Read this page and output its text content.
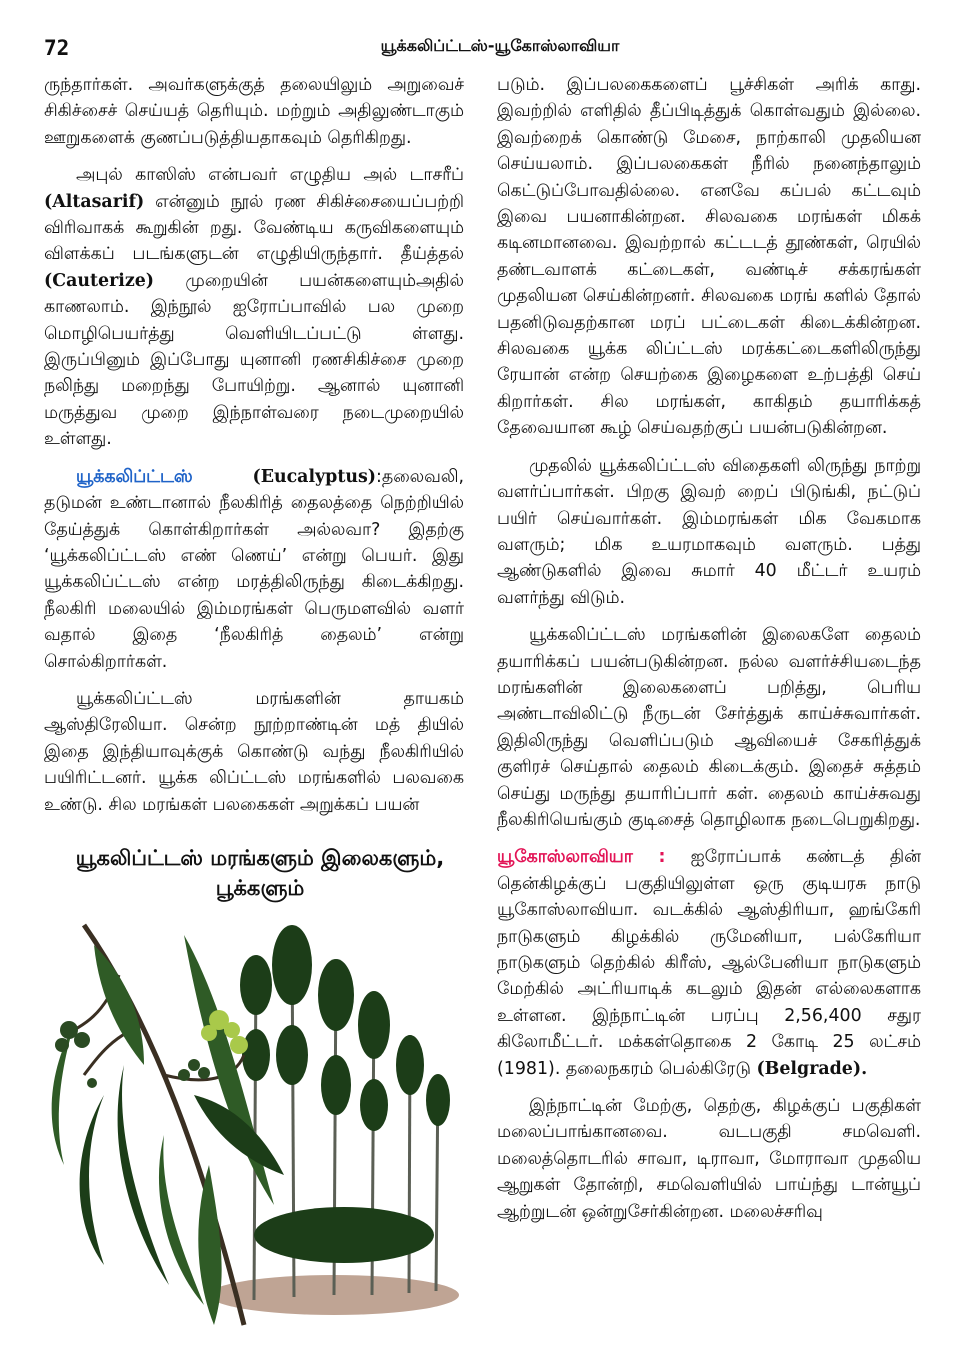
72	யூக்கலிப்ட்டஸ்-யூகோஸ்லாவியா

ருந்தார்கள். அவர்களுக்குத் தலையிலும் அறுவைச் சிகிச்சைச் செய்யத் தெரியும். மற்றும் அதிலுண்டாகும் ஊறுகளைக் குணப்படுத்தியதாகவும் தெரிகிறது.

அபுல் காஸிஸ் என்பவர் எழுதிய அல் டாசரீப் (Altasarif) என்னும் நூல் ரண சிகிச்சையைப்பற்றி விரிவாகக் கூறுகின் றது. வேண்டிய கருவிகளையும் விளக்கப் படங்களுடன் எழுதியிருந்தார். தீய்த்தல் (Cauterize) முறையின் பயன்களையும்அதில் காணலாம். இந்நூல் ஐரோப்பாவில் பல முறை மொழிபெயர்த்து வெளியிடப்பட்டு ள்ளது. இருப்பினும் இப்போது யுனானி ரணசிகிச்சை முறை நலிந்து மறைந்து போயிற்று. ஆனால் யுனானி மருத்துவ முறை இந்நாள்வரை நடைமுறையில் உள்ளது.

யூக்கலிப்ட்டஸ்	(Eucalyptus):தலைவலி, தடுமன் உண்டானால் நீலகிரித் தைலத்தை நெற்றியில் தேய்த்துக் கொள்கிறார்கள் அல்லவா? இதற்கு ‘யூக்கலிப்ட்டஸ் எண் ணெய்’ என்று பெயர். இது யூக்கலிப்ட்டஸ் என்ற மரத்திலிருந்து கிடைக்கிறது. நீலகிரி மலையில் இம்மரங்கள் பெருமளவில் வளர் வதால் இதை ‘நீலகிரித் தைலம்’ என்று சொல்கிறார்கள்.

யூக்கலிப்ட்டஸ் மரங்களின் தாயகம் ஆஸ்திரேலியா. சென்ற நூற்றாண்டின் மத் தியில் இதை இந்தியாவுக்குக் கொண்டு வந்து நீலகிரியில் பயிரிட்டனர். யூக்க லிப்ட்டஸ் மரங்களில் பலவகை உண்டு. சில மரங்கள் பலகைகள் அறுக்கப் பயன்

யூகலிப்ட்டஸ் மரங்களும் இலைகளும்,
பூக்களும்

படும். இப்பலகைகளைப் பூச்சிகள் அரிக் காது. இவற்றில் எளிதில் தீப்பிடித்துக் கொள்வதும் இல்லை. இவற்றைக் கொண்டு மேசை, நாற்காலி முதலியன செய்யலாம். இப்பலகைகள் நீரில் நனைந்தாலும் கெட்டுப்போவதில்லை. எனவே கப்பல் கட்டவும் இவை பயனாகின்றன. சிலவகை மரங்கள் மிகக் கடினமானவை. இவற்றால் கட்டடத் தூண்கள், ரெயில் தண்டவாளக் கட்டைகள், வண்டிச் சக்கரங்கள் முதலியன செய்கின்றனர். சிலவகை மரங் களில் தோல் பதனிடுவதற்கான மரப் பட்டைகள் கிடைக்கின்றன. சிலவகை யூக்க லிப்ட்டஸ் மரக்கட்டைகளிலிருந்து ரேயான் என்ற செயற்கை இழைகளை உற்பத்தி செய் கிறார்கள். சில மரங்கள், காகிதம் தயாரிக்கத் தேவையான கூழ் செய்வதற்குப் பயன்படுகின்றன.

முதலில் யூக்கலிப்ட்டஸ் விதைகளி லிருந்து நாற்று வளர்ப்பார்கள். பிறகு இவற் றைப் பிடுங்கி, நட்டுப் பயிர் செய்வார்கள். இம்மரங்கள் மிக வேகமாக வளரும்; மிக உயரமாகவும் வளரும். பத்து ஆண்டுகளில் இவை சுமார் 40 மீட்டர் உயரம் வளர்ந்து விடும்.

யூக்கலிப்ட்டஸ் மரங்களின் இலைகளே தைலம் தயாரிக்கப் பயன்படுகின்றன. நல்ல வளர்ச்சியடைந்த மரங்களின் இலைகளைப் பறித்து, பெரிய அண்டாவிலிட்டு நீருடன் சேர்த்துக் காய்ச்சுவார்கள். இதிலிருந்து வெளிப்படும் ஆவியைச் சேகரித்துக் குளிரச் செய்தால் தைலம் கிடைக்கும். இதைச் சுத்தம் செய்து மருந்து தயாரிப்பார் கள். தைலம் காய்ச்சுவது நீலகிரியெங்கும் குடிசைத் தொழிலாக நடைபெறுகிறது.

யூகோஸ்லாவியா : ஐரோப்பாக் கண்டத் தின் தென்கிழக்குப் பகுதியிலுள்ள ஒரு குடியரசு நாடு யூகோஸ்லாவியா. வடக்கில் ஆஸ்திரியா, ஹங்கேரி நாடுகளும் கிழக்கில் ருமேனியா, பல்கேரியா நாடுகளும் தெற்கில் கிரீஸ், ஆல்பேனியா நாடுகளும் மேற்கில் அட்ரியாடிக் கடலும் இதன் எல்லைகளாக உள்ளன. இந்நாட்டின் பரப்பு 2,56,400 சதுர கிலோமீட்டர். மக்கள்தொகை 2 கோடி 25 லட்சம் (1981). தலைநகரம் பெல்கிரேடு (Belgrade).

இந்நாட்டின் மேற்கு, தெற்கு, கிழக்குப் பகுதிகள் மலைப்பாங்கானவை. வடபகுதி சமவெளி. மலைத்தொடரில் சாவா, டிராவா, மோராவா முதலிய ஆறுகள் தோன்றி, சமவெளியில் பாய்ந்து டான்யூப் ஆற்றுடன் ஒன்றுசேர்கின்றன. மலைச்சரிவு
